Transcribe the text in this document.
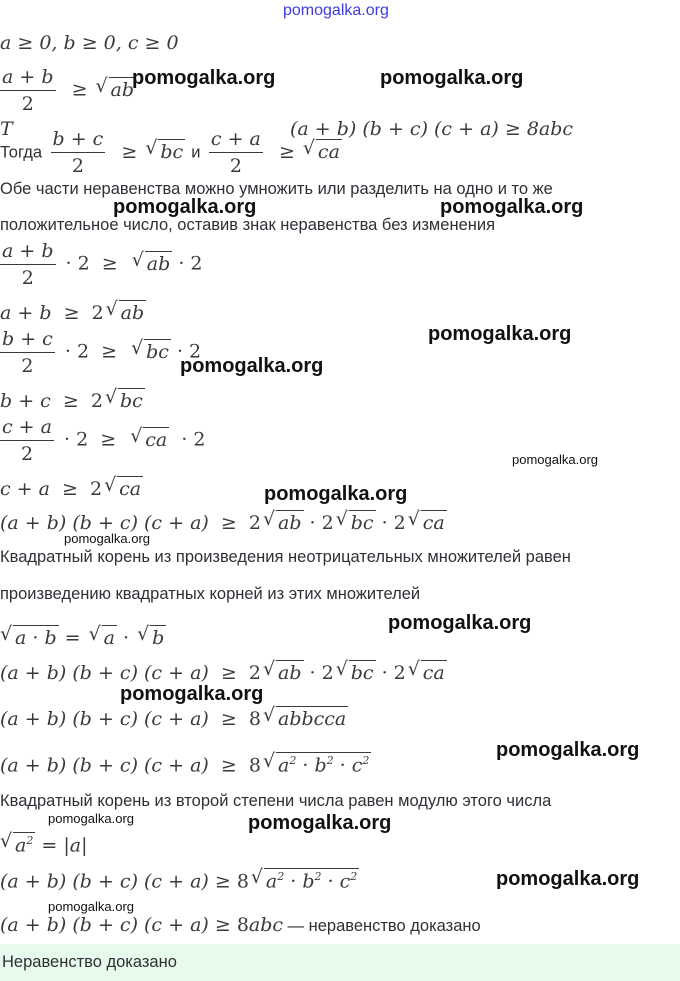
pomogalka.org
a ≥ 0, b ≥ 0, c ≥ 0
$\frac{a + b}{2}$ ≥ √ ab
Т	(a + b) (b + c) (c + a) ≥ 8abc
Тогда $\frac{b + c}{2}$ ≥ √ bc и $\frac{c + a}{2}$ ≥ √ ca
Обе части неравенства можно умножить или разделить на одно и то же
положительное число, оставив знак неравенства без изменения
$\frac{a + b}{2} \cdot 2$  ≥  √ ab · 2
a + b  ≥  2 √ ab
$\frac{b + c}{2} \cdot 2$  ≥  √ bc · 2
b + c  ≥  2 √ bc
$\frac{c + a}{2} \cdot 2$  ≥  √ ca  · 2
c + a  ≥  2 √ ca
(a + b) (b + c) (c + a)  ≥  2 √ ab · 2 √ bc · 2 √ ca
Квадратный корень из произведения неотрицательных множителей равен
произведению квадратных корней из этих множителей
√ a · b = √ a · √ b
(a + b) (b + c) (c + a)  ≥  2 √ ab · 2 √ bc · 2 √ ca
(a + b) (b + c) (c + a)  ≥  8 √ abbcca
(a + b) (b + c) (c + a)  ≥  8 √ $a^2 \cdot b^2 \cdot c^2$
Квадратный корень из второй степени числа равен модулю этого числа
√ $a^2 = |a|$
(a + b) (b + c) (c + a) ≥ 8 √ $a^2 \cdot b^2 \cdot c^2$
(a + b) (b + c) (c + a) ≥ 8abc — неравенство доказано
Неравенство доказано
pomogalka.org	pomogalka.org
pomogalka.org	pomogalka.org
pomogalka.org
pomogalka.org
pomogalka.org
pomogalka.org
pomogalka.org
pomogalka.org
pomogalka.org
pomogalka.org
pomogalka.org	pomogalka.org
pomogalka.org
pomogalka.org
